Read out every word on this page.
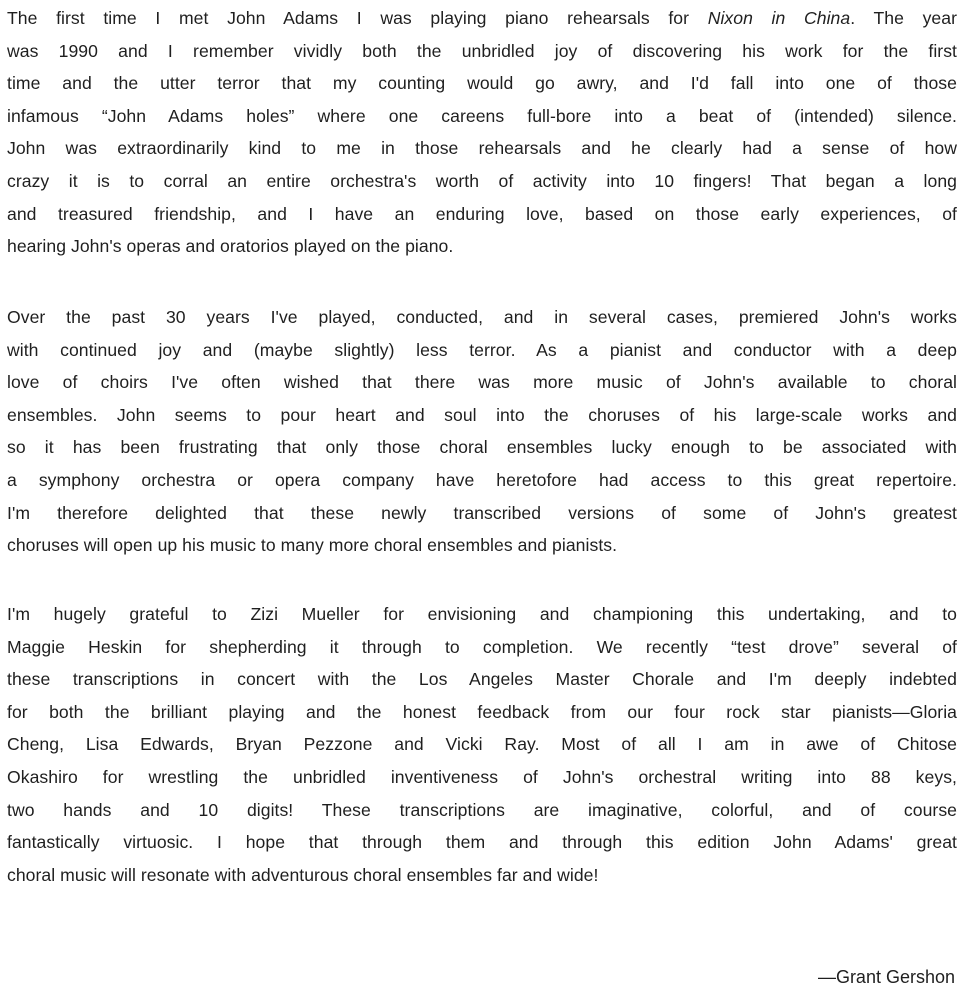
The first time I met John Adams I was playing piano rehearsals for Nixon in China. The year
was 1990 and I remember vividly both the unbridled joy of discovering his work for the first
time and the utter terror that my counting would go awry, and I'd fall into one of those
infamous “John Adams holes” where one careens full-bore into a beat of (intended) silence.
John was extraordinarily kind to me in those rehearsals and he clearly had a sense of how
crazy it is to corral an entire orchestra's worth of activity into 10 fingers! That began a long
and treasured friendship, and I have an enduring love, based on those early experiences, of
hearing John's operas and oratorios played on the piano.
Over the past 30 years I've played, conducted, and in several cases, premiered John's works
with continued joy and (maybe slightly) less terror. As a pianist and conductor with a deep
love of choirs I've often wished that there was more music of John's available to choral
ensembles. John seems to pour heart and soul into the choruses of his large-scale works and
so it has been frustrating that only those choral ensembles lucky enough to be associated with
a symphony orchestra or opera company have heretofore had access to this great repertoire.
I'm therefore delighted that these newly transcribed versions of some of John's greatest
choruses will open up his music to many more choral ensembles and pianists.
I'm hugely grateful to Zizi Mueller for envisioning and championing this undertaking, and to
Maggie Heskin for shepherding it through to completion. We recently “test drove” several of
these transcriptions in concert with the Los Angeles Master Chorale and I'm deeply indebted
for both the brilliant playing and the honest feedback from our four rock star pianists—Gloria
Cheng, Lisa Edwards, Bryan Pezzone and Vicki Ray. Most of all I am in awe of Chitose
Okashiro for wrestling the unbridled inventiveness of John's orchestral writing into 88 keys,
two hands and 10 digits! These transcriptions are imaginative, colorful, and of course
fantastically virtuosic. I hope that through them and through this edition John Adams' great
choral music will resonate with adventurous choral ensembles far and wide!
—Grant Gershon
